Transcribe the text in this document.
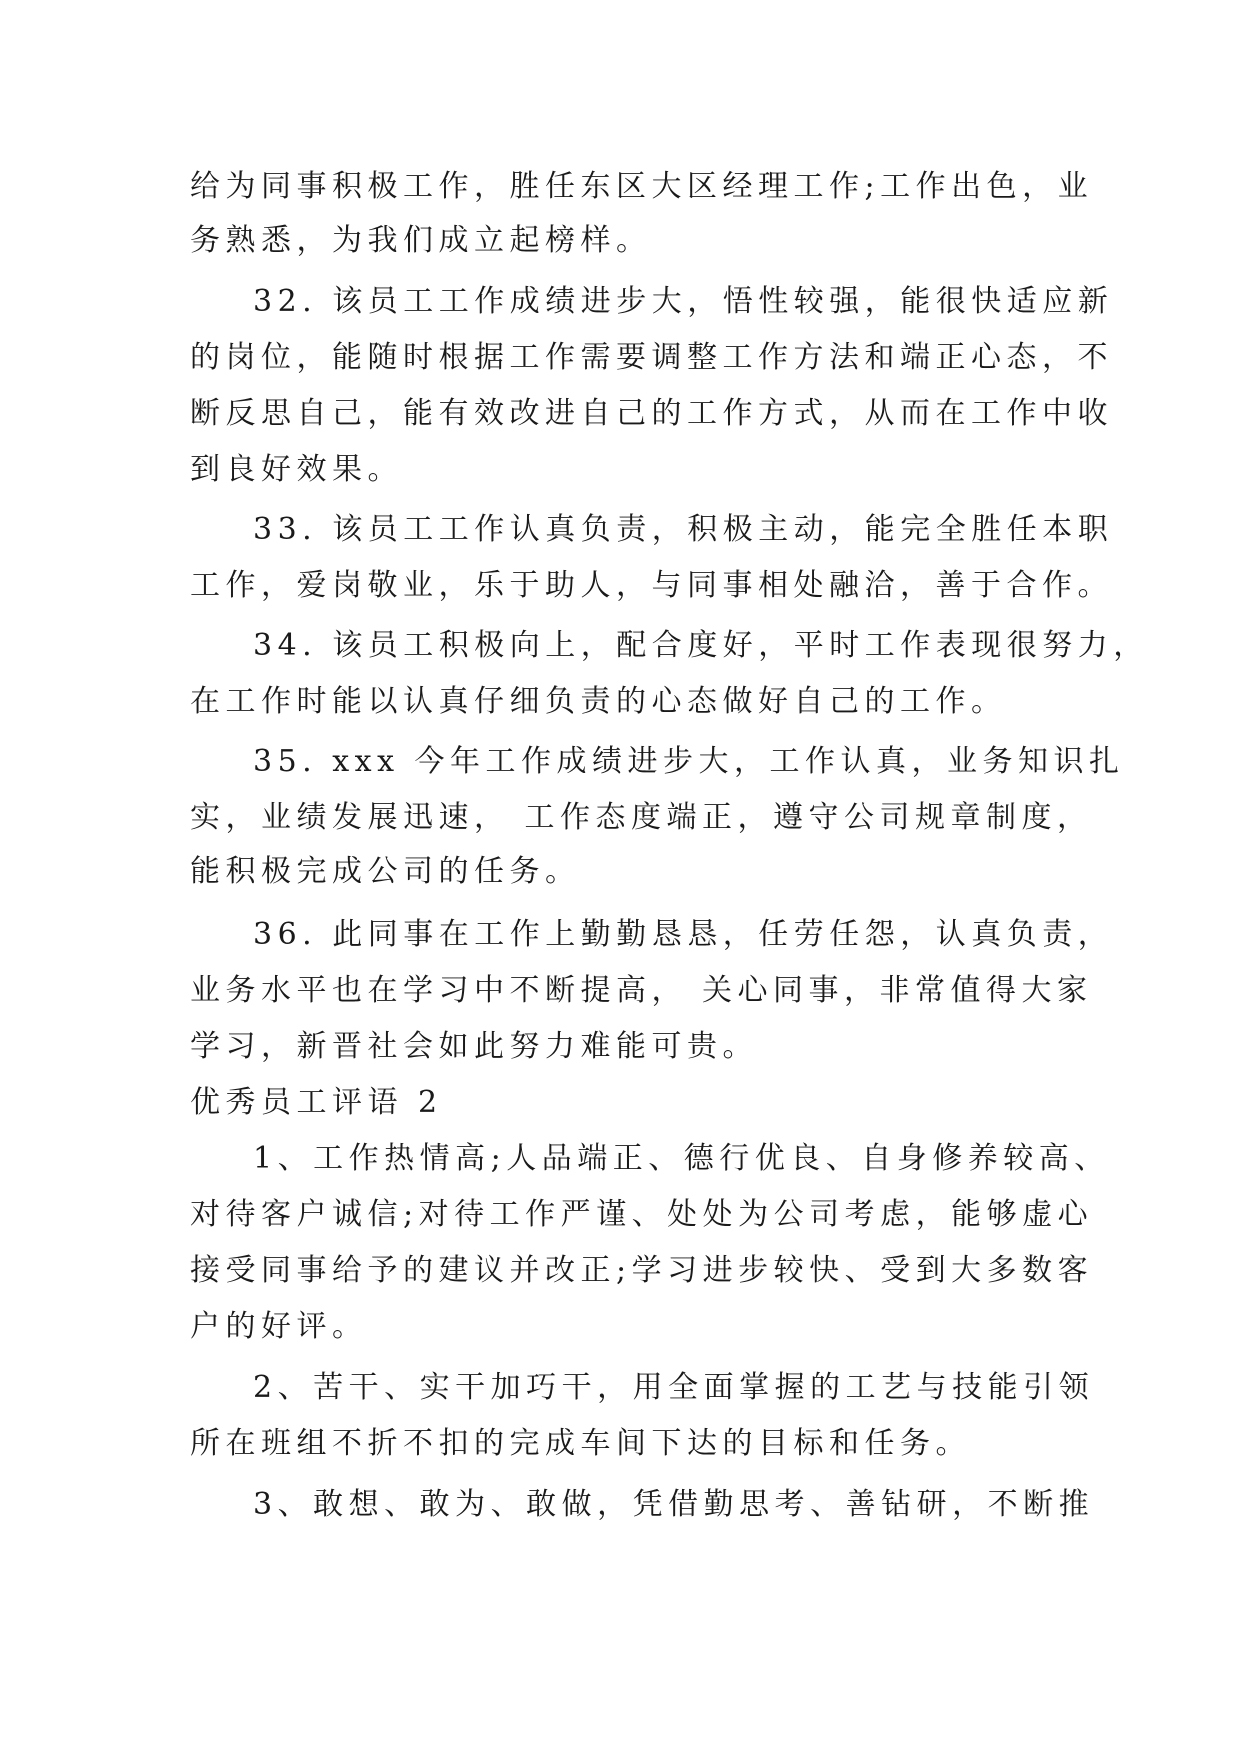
给为同事积极工作，胜任东区大区经理工作;工作出色，业
务熟悉，为我们成立起榜样。
32. 该员工工作成绩进步大，悟性较强，能很快适应新
的岗位，能随时根据工作需要调整工作方法和端正心态，不
断反思自己，能有效改进自己的工作方式，从而在工作中收
到良好效果。
33. 该员工工作认真负责，积极主动，能完全胜任本职
工作，爱岗敬业，乐于助人，与同事相处融洽，善于合作。
34. 该员工积极向上，配合度好，平时工作表现很努力，
在工作时能以认真仔细负责的心态做好自己的工作。
35. xxx 今年工作成绩进步大，工作认真，业务知识扎
实，业绩发展迅速， 工作态度端正，遵守公司规章制度，
能积极完成公司的任务。
36. 此同事在工作上勤勤恳恳，任劳任怨，认真负责，
业务水平也在学习中不断提高， 关心同事，非常值得大家
学习，新晋社会如此努力难能可贵。
优秀员工评语 2
1、工作热情高;人品端正、德行优良、自身修养较高、
对待客户诚信;对待工作严谨、处处为公司考虑，能够虚心
接受同事给予的建议并改正;学习进步较快、受到大多数客
户的好评。
2、苦干、实干加巧干，用全面掌握的工艺与技能引领
所在班组不折不扣的完成车间下达的目标和任务。
3、敢想、敢为、敢做，凭借勤思考、善钻研，不断推
